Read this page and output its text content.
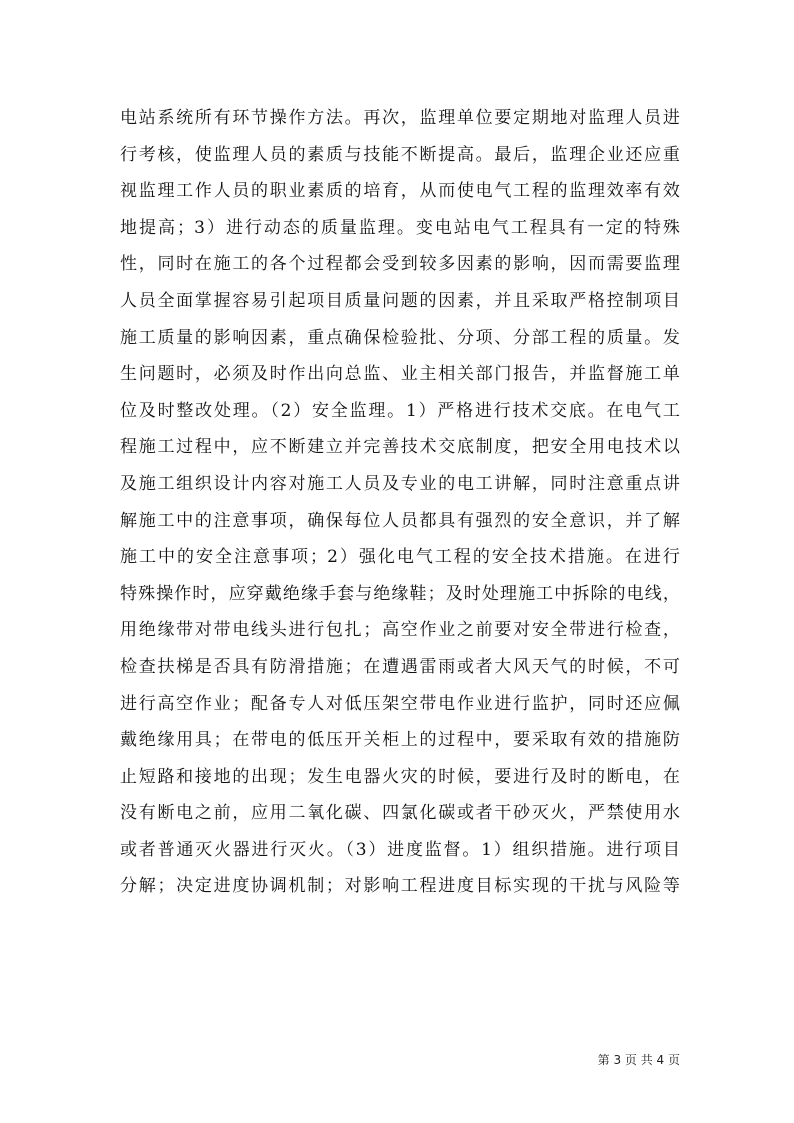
电站系统所有环节操作方法。再次，监理单位要定期地对监理人员进
行考核，使监理人员的素质与技能不断提高。最后，监理企业还应重
视监理工作人员的职业素质的培育，从而使电气工程的监理效率有效
地提高；3）进行动态的质量监理。变电站电气工程具有一定的特殊
性，同时在施工的各个过程都会受到较多因素的影响，因而需要监理
人员全面掌握容易引起项目质量问题的因素，并且采取严格控制项目
施工质量的影响因素，重点确保检验批、分项、分部工程的质量。发
生问题时，必须及时作出向总监、业主相关部门报告，并监督施工单
位及时整改处理。（2）安全监理。1）严格进行技术交底。在电气工
程施工过程中，应不断建立并完善技术交底制度，把安全用电技术以
及施工组织设计内容对施工人员及专业的电工讲解，同时注意重点讲
解施工中的注意事项，确保每位人员都具有强烈的安全意识，并了解
施工中的安全注意事项；2）强化电气工程的安全技术措施。在进行
特殊操作时，应穿戴绝缘手套与绝缘鞋；及时处理施工中拆除的电线，
用绝缘带对带电线头进行包扎；高空作业之前要对安全带进行检查，
检查扶梯是否具有防滑措施；在遭遇雷雨或者大风天气的时候，不可
进行高空作业；配备专人对低压架空带电作业进行监护，同时还应佩
戴绝缘用具；在带电的低压开关柜上的过程中，要采取有效的措施防
止短路和接地的出现；发生电器火灾的时候，要进行及时的断电，在
没有断电之前，应用二氧化碳、四氯化碳或者干砂灭火，严禁使用水
或者普通灭火器进行灭火。（3）进度监督。1）组织措施。进行项目
分解；决定进度协调机制；对影响工程进度目标实现的干扰与风险等
第 3 页 共 4 页
